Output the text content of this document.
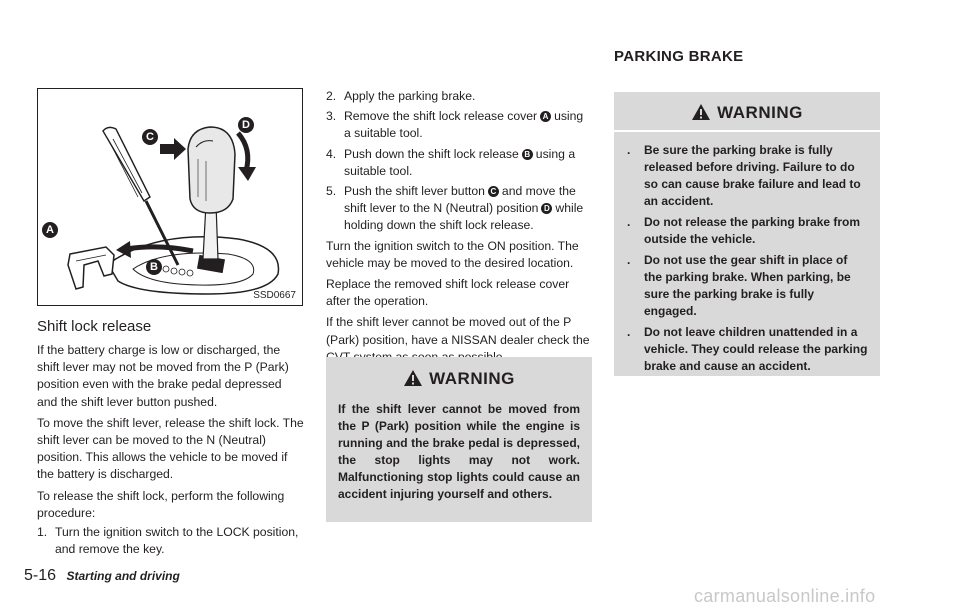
C
D
A
B
SSD0667
Shift lock release

If the battery charge is low or discharged, the shift lever may not be moved from the P (Park) position even with the brake pedal depressed and the shift lever button pushed.

To move the shift lever, release the shift lock. The shift lever can be moved to the N (Neutral) position. This allows the vehicle to be moved if the battery is discharged.

To release the shift lock, perform the following procedure:

1. Turn the ignition switch to the LOCK position, and remove the key.
2. Apply the parking brake.
3. Remove the shift lock release cover A using a suitable tool.
4. Push down the shift lock release B using a suitable tool.
5. Push the shift lever button C and move the shift lever to the N (Neutral) position D while holding down the shift lock release.

Turn the ignition switch to the ON position. The vehicle may be moved to the desired location.

Replace the removed shift lock release cover after the operation.

If the shift lever cannot be moved out of the P (Park) position, have a NISSAN dealer check the

WARNING

If the shift lever cannot be moved from the P (Park) position while the engine is running and the brake pedal is depressed, the stop lights may not work. Malfunctioning stop lights could cause an accident injuring yourself and others.

PARKING BRAKE
WARNING
. Be sure the parking brake is fully released before driving. Failure to do so can cause brake failure and lead to an accident.
. Do not release the parking brake from outside the vehicle.
. Do not use the gear shift in place of the parking brake. When parking, be sure the parking brake is fully engaged.
. Do not leave children unattended in a vehicle. They could release the parking brake and cause an accident.
5-16 Starting and driving
carmanualsonline.info
